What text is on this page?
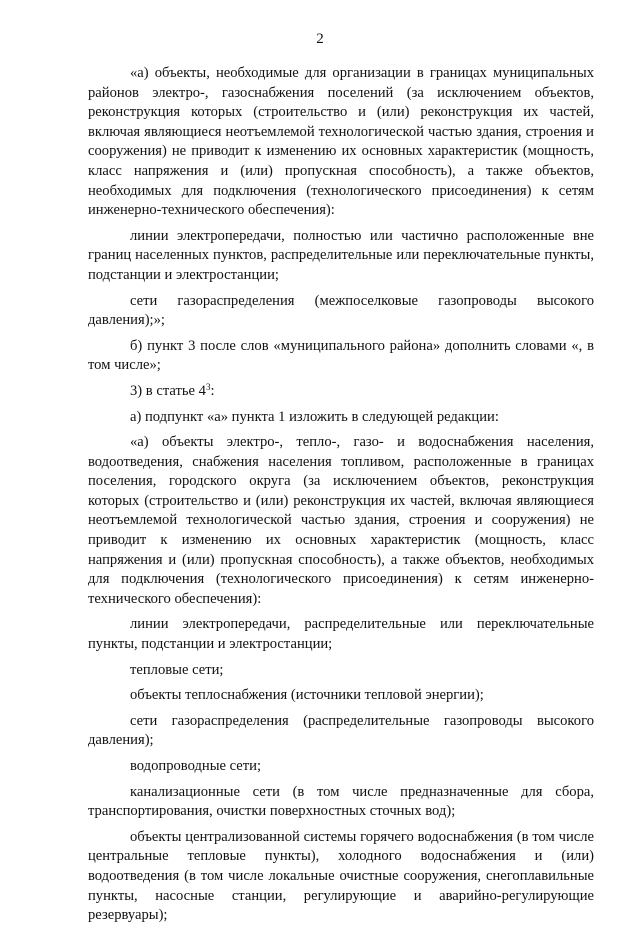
2

«а) объекты, необходимые для организации в границах муниципальных районов электро-, газоснабжения поселений (за исключением объектов, реконструкция которых (строительство и (или) реконструкция их частей, включая являющиеся неотъемлемой технологической частью здания, строения и сооружения) не приводит к изменению их основных характеристик (мощность, класс напряжения и (или) пропускная способность), а также объектов, необходимых для подключения (технологического присоединения) к сетям инженерно-технического обеспечения):

линии электропередачи, полностью или частично расположенные вне границ населенных пунктов, распределительные или переключательные пункты, подстанции и электростанции;

сети газораспределения (межпоселковые газопроводы высокого давления);»;

б) пункт 3 после слов «муниципального района» дополнить словами «, в том числе»;

3) в статье $4^3$:

а) подпункт «а» пункта 1 изложить в следующей редакции:

«а) объекты электро-, тепло-, газо- и водоснабжения населения, водоотведения, снабжения населения топливом, расположенные в границах поселения, городского округа (за исключением объектов, реконструкция которых (строительство и (или) реконструкция их частей, включая являющиеся неотъемлемой технологической частью здания, строения и сооружения) не приводит к изменению их основных характеристик (мощность, класс напряжения и (или) пропускная способность), а также объектов, необходимых для подключения (технологического присоединения) к сетям инженерно-технического обеспечения):

линии электропередачи, распределительные или переключательные пункты, подстанции и электростанции;

тепловые сети;

объекты теплоснабжения (источники тепловой энергии);

сети газораспределения (распределительные газопроводы высокого давления);

водопроводные сети;

канализационные сети (в том числе предназначенные для сбора, транспортирования, очистки поверхностных сточных вод);

объекты централизованной системы горячего водоснабжения (в том числе центральные тепловые пункты), холодного водоснабжения и (или) водоотведения (в том числе локальные очистные сооружения, снегоплавильные пункты, насосные станции, регулирующие и аварийно-регулирующие резервуары);
